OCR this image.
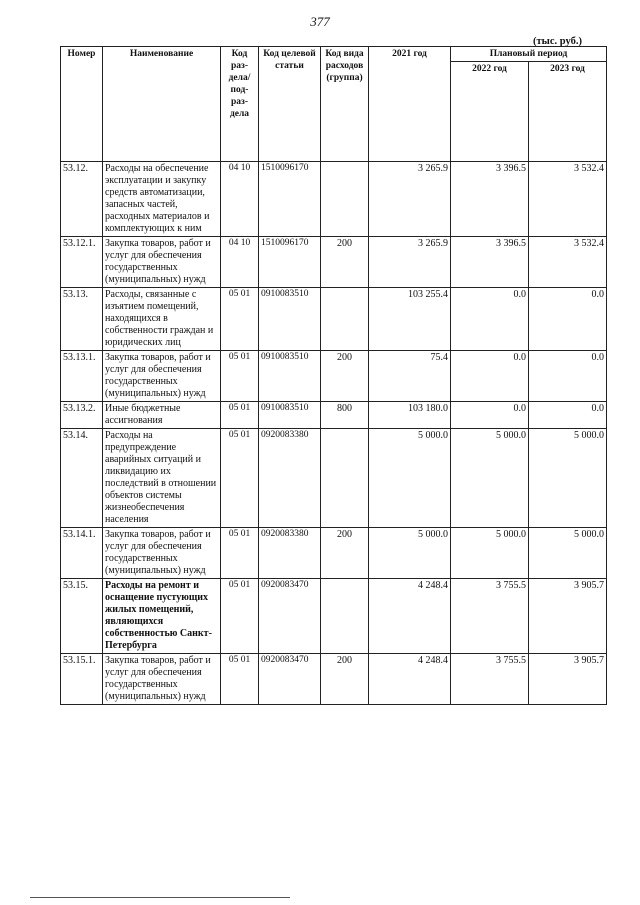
377
(тыс. руб.)
Номер	Наименование	Код раз-дела/ под-раз-дела	Код целевой статьи	Код вида расходов (группа)	2021 год	Плановый период	
						2022 год	2023 год
53.12.	Расходы на обеспечение эксплуатации и закупку средств автоматизации, запасных частей, расходных материалов и комплектующих к ним	04 10	1510096170		3 265.9	3 396.5	3 532.4
53.12.1.	Закупка товаров, работ и услуг для обеспечения государственных (муниципальных) нужд	04 10	1510096170	200	3 265.9	3 396.5	3 532.4
53.13.	Расходы, связанные с изъятием помещений, находящихся в собственности граждан и юридических лиц	05 01	0910083510		103 255.4	0.0	0.0
53.13.1.	Закупка товаров, работ и услуг для обеспечения государственных (муниципальных) нужд	05 01	0910083510	200	75.4	0.0	0.0
53.13.2.	Иные бюджетные ассигнования	05 01	0910083510	800	103 180.0	0.0	0.0
53.14.	Расходы на предупреждение аварийных ситуаций и ликвидацию их последствий в отношении объектов системы жизнеобеспечения населения	05 01	0920083380		5 000.0	5 000.0	5 000.0
53.14.1.	Закупка товаров, работ и услуг для обеспечения государственных (муниципальных) нужд	05 01	0920083380	200	5 000.0	5 000.0	5 000.0
53.15.	Расходы на ремонт и оснащение пустующих жилых помещений, являющихся собственностью Санкт-Петербурга	05 01	0920083470		4 248.4	3 755.5	3 905.7
53.15.1.	Закупка товаров, работ и услуг для обеспечения государственных (муниципальных) нужд	05 01	0920083470	200	4 248.4	3 755.5	3 905.7
